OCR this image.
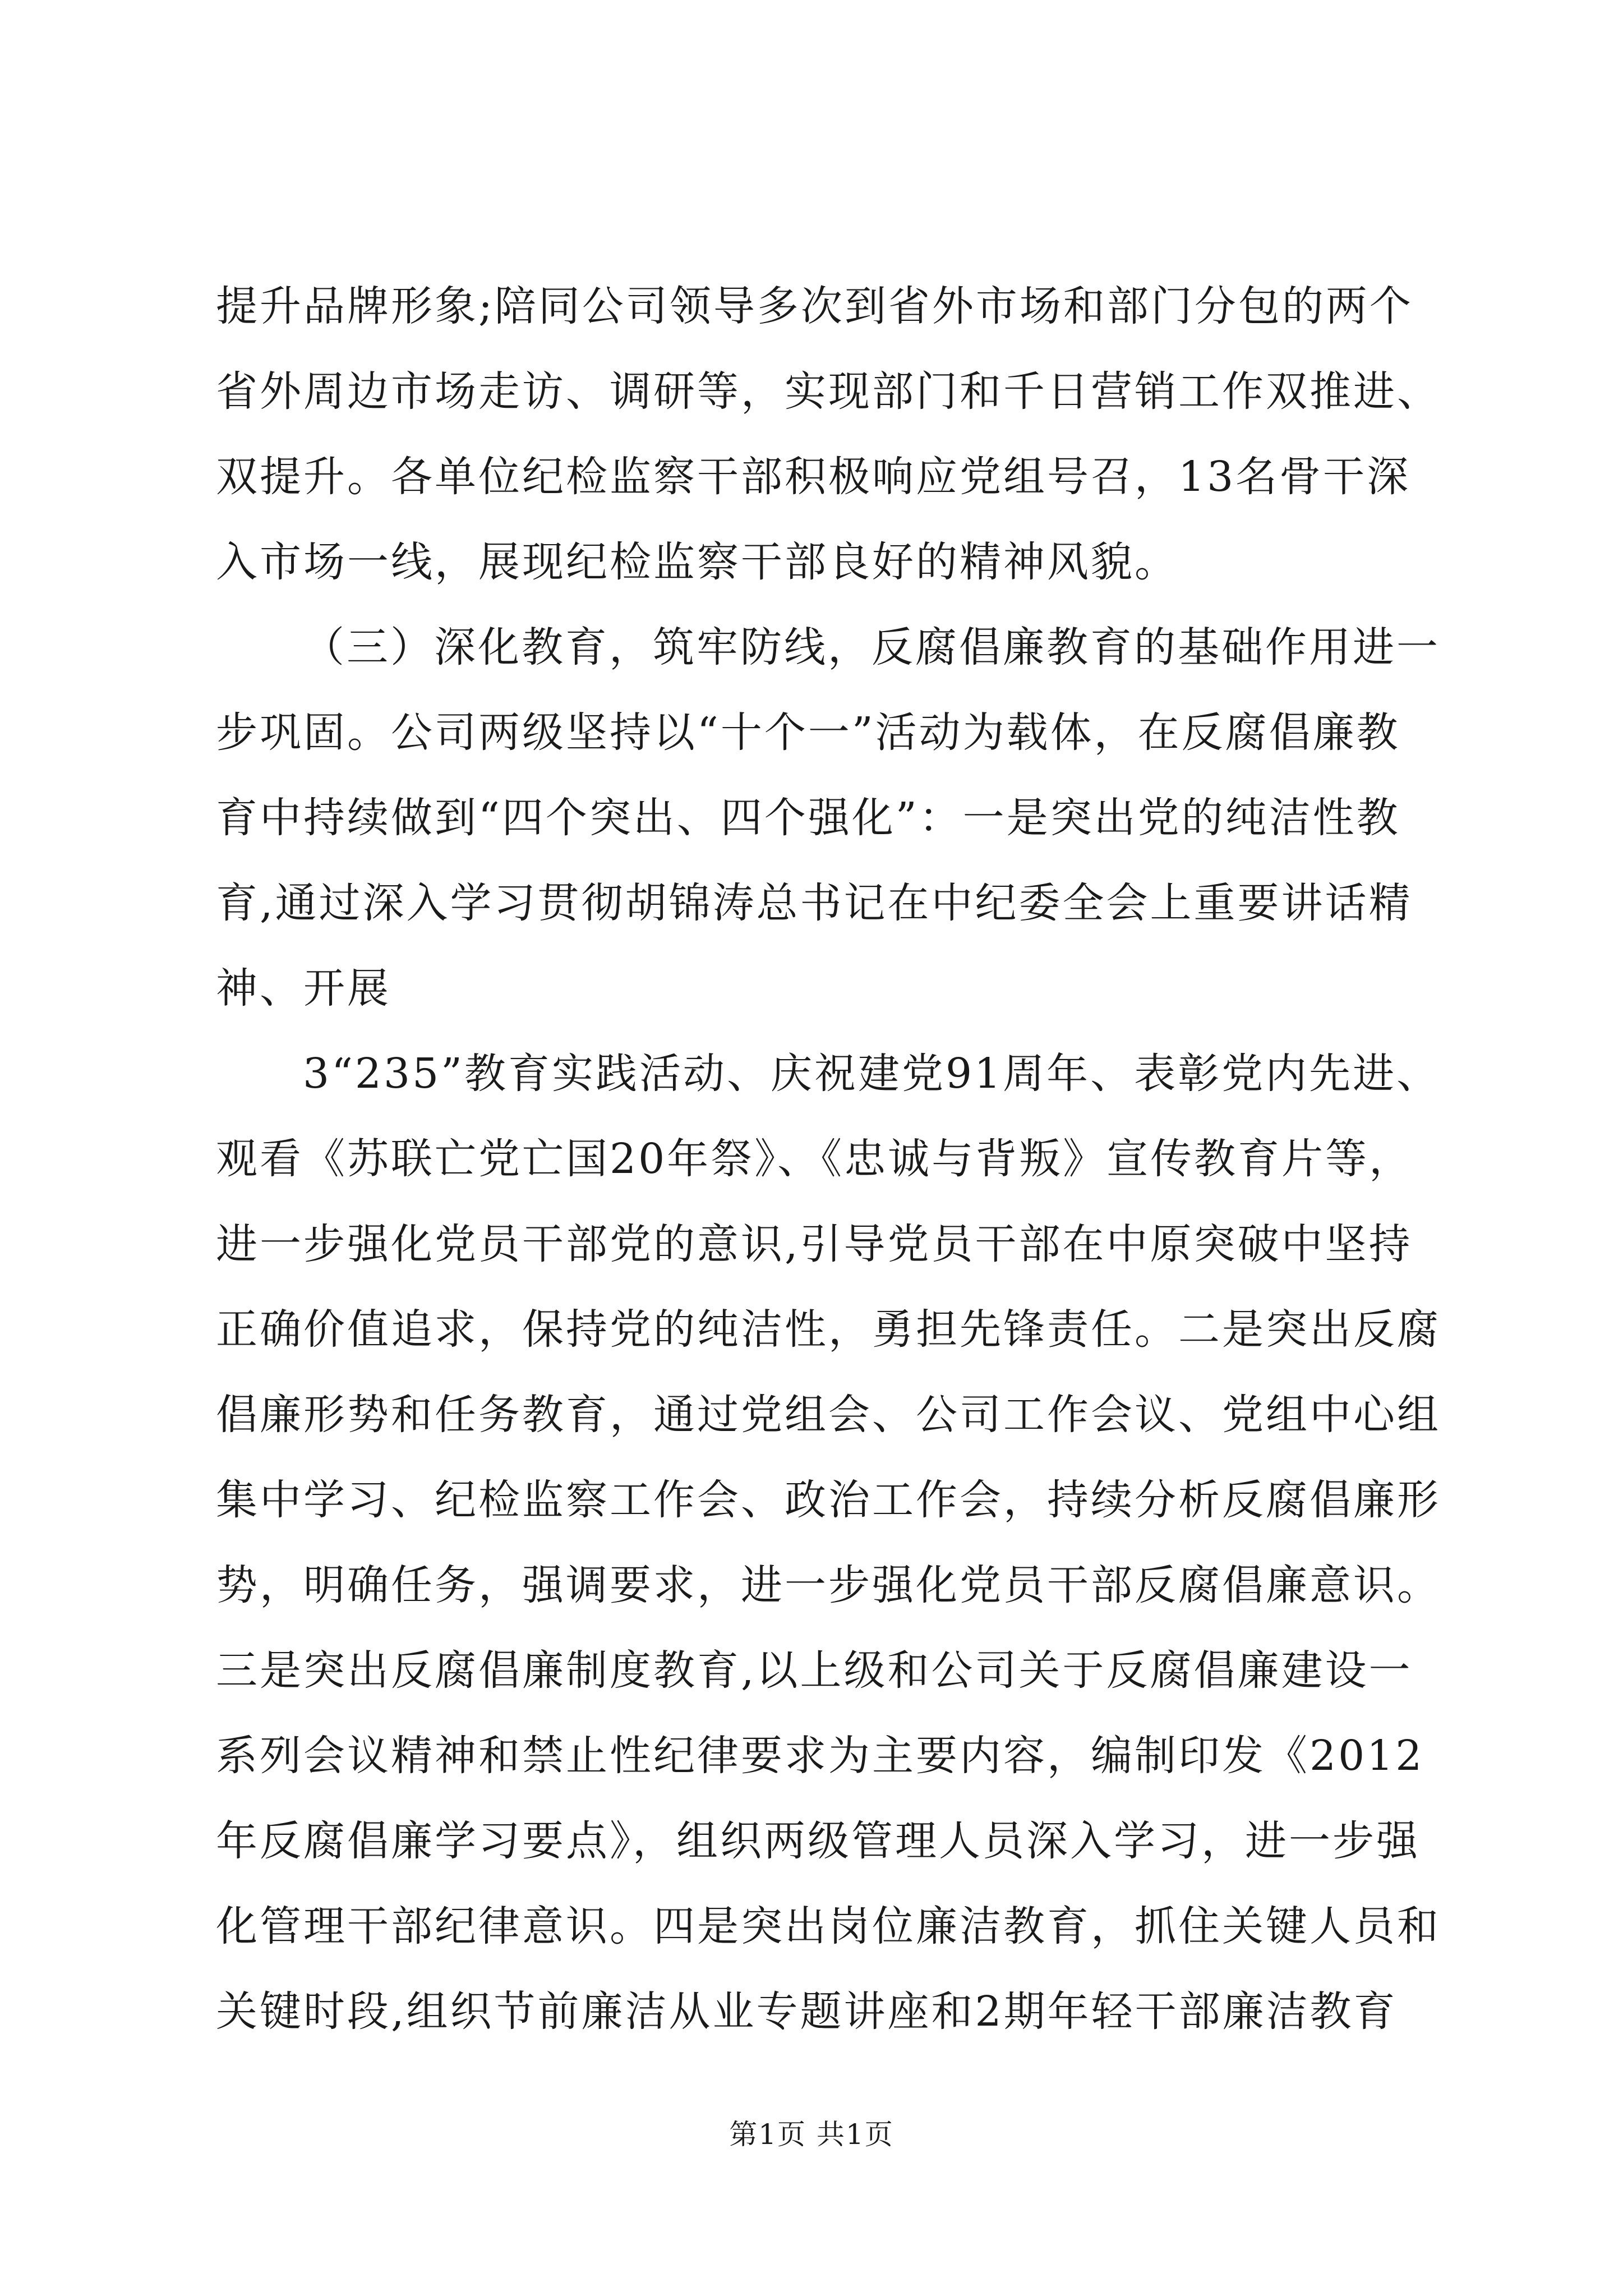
提升品牌形象;陪同公司领导多次到省外市场和部门分包的两个
省外周边市场走访、调研等，实现部门和千日营销工作双推进、
双提升。各单位纪检监察干部积极响应党组号召，13名骨干深
入市场一线，展现纪检监察干部良好的精神风貌。
（三）深化教育，筑牢防线，反腐倡廉教育的基础作用进一
步巩固。公司两级坚持以“十个一”活动为载体，在反腐倡廉教
育中持续做到“四个突出、四个强化”：一是突出党的纯洁性教
育,通过深入学习贯彻胡锦涛总书记在中纪委全会上重要讲话精
神、开展
3“235”教育实践活动、庆祝建党91周年、表彰党内先进、
观看《苏联亡党亡国20年祭》、《忠诚与背叛》宣传教育片等，
进一步强化党员干部党的意识,引导党员干部在中原突破中坚持
正确价值追求，保持党的纯洁性，勇担先锋责任。二是突出反腐
倡廉形势和任务教育，通过党组会、公司工作会议、党组中心组
集中学习、纪检监察工作会、政治工作会，持续分析反腐倡廉形
势，明确任务，强调要求，进一步强化党员干部反腐倡廉意识。
三是突出反腐倡廉制度教育,以上级和公司关于反腐倡廉建设一
系列会议精神和禁止性纪律要求为主要内容，编制印发《2012
年反腐倡廉学习要点》，组织两级管理人员深入学习，进一步强
化管理干部纪律意识。四是突出岗位廉洁教育，抓住关键人员和
关键时段,组织节前廉洁从业专题讲座和2期年轻干部廉洁教育
第1页 共1页
